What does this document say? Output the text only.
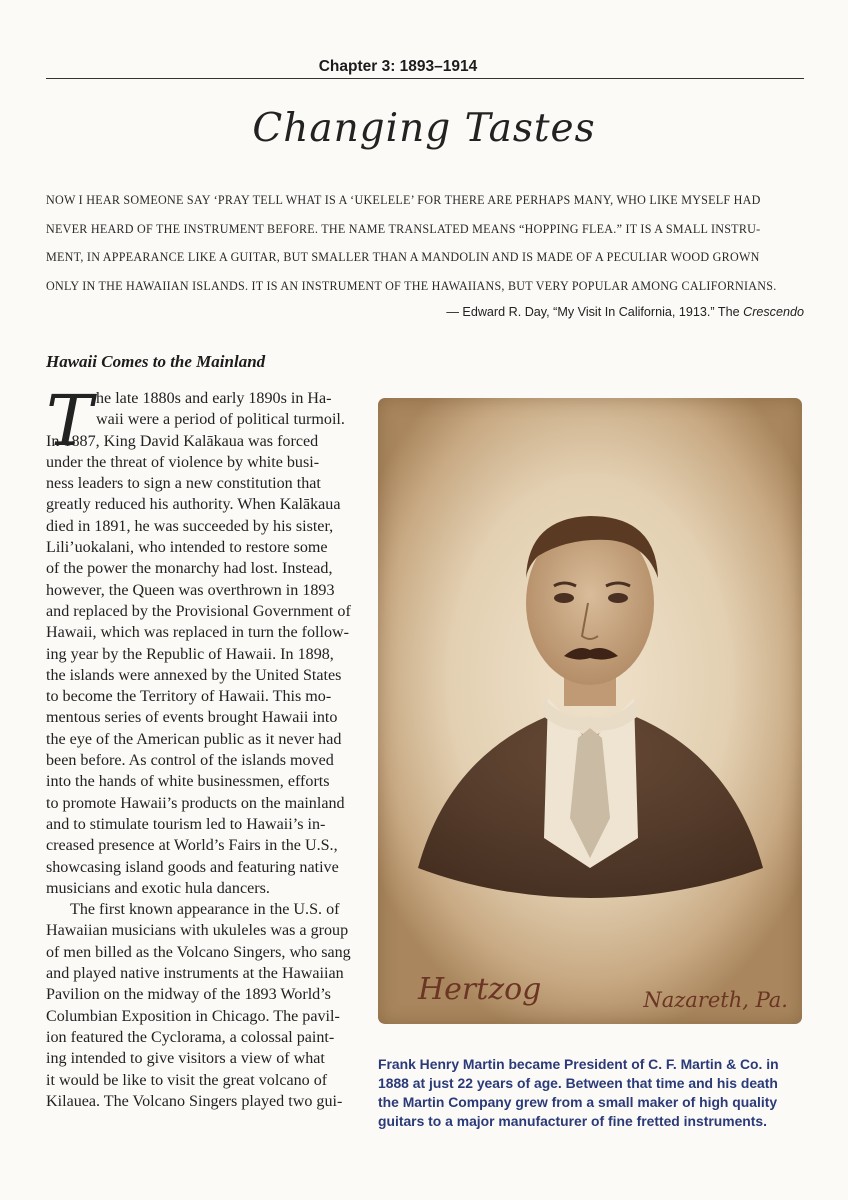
Chapter 3: 1893–1914
Changing Tastes
NOW I HEAR SOMEONE SAY ‘PRAY TELL WHAT IS A ‘UKELELE’ FOR THERE ARE PERHAPS MANY, WHO LIKE MYSELF HAD
NEVER HEARD OF THE INSTRUMENT BEFORE. THE NAME TRANSLATED MEANS “HOPPING FLEA.” IT IS A SMALL INSTRU-
MENT, IN APPEARANCE LIKE A GUITAR, BUT SMALLER THAN A MANDOLIN AND IS MADE OF A PECULIAR WOOD GROWN
ONLY IN THE HAWAIIAN ISLANDS. IT IS AN INSTRUMENT OF THE HAWAIIANS, BUT VERY POPULAR AMONG CALIFORNIANS.
— Edward R. Day, “My Visit In California, 1913.” The Crescendo
Hawaii Comes to the Mainland
T he late 1880s and early 1890s in Ha-
waii were a period of political turmoil.
In 1887, King David Kalākaua was forced
under the threat of violence by white busi-
ness leaders to sign a new constitution that
greatly reduced his authority. When Kalākaua
died in 1891, he was succeeded by his sister,
Lili’uokalani, who intended to restore some
of the power the monarchy had lost. Instead,
however, the Queen was overthrown in 1893
and replaced by the Provisional Government of
Hawaii, which was replaced in turn the follow-
ing year by the Republic of Hawaii. In 1898,
the islands were annexed by the United States
to become the Territory of Hawaii. This mo-
mentous series of events brought Hawaii into
the eye of the American public as it never had
been before. As control of the islands moved
into the hands of white businessmen, efforts
to promote Hawaii’s products on the mainland
and to stimulate tourism led to Hawaii’s in-
creased presence at World’s Fairs in the U.S.,
showcasing island goods and featuring native
musicians and exotic hula dancers.
The first known appearance in the U.S. of
Hawaiian musicians with ukuleles was a group
of men billed as the Volcano Singers, who sang
and played native instruments at the Hawaiian
Pavilion on the midway of the 1893 World’s
Columbian Exposition in Chicago. The pavil-
ion featured the Cyclorama, a colossal paint-
ing intended to give visitors a view of what
it would be like to visit the great volcano of
Kilauea. The Volcano Singers played two gui-
Hertzog	Nazareth, Pa.
Frank Henry Martin became President of C. F. Martin & Co. in
1888 at just 22 years of age. Between that time and his death
the Martin Company grew from a small maker of high quality
guitars to a major manufacturer of fine fretted instruments.
